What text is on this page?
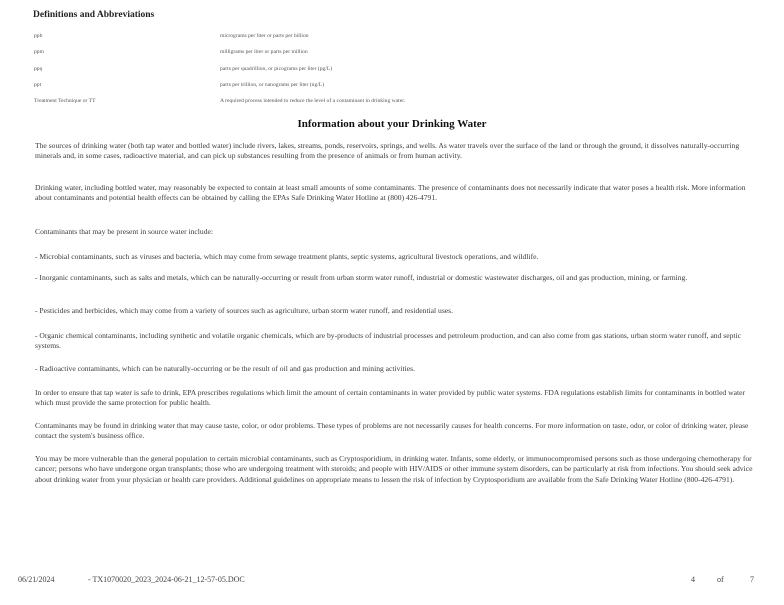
Definitions and Abbreviations
ppb	micrograms per liter or parts per billion
ppm	milligrams per liter or parts per million
ppq	parts per quadrillion, or picograms per liter (pg/L)
ppt	parts per trillion, or nanograms per liter (ng/L)
Treatment Technique or TT	A required process intended to reduce the level of a contaminant in drinking water.
Information about your Drinking Water

The sources of drinking water (both tap water and bottled water) include rivers, lakes, streams, ponds, reservoirs, springs, and wells. As water travels over the surface of the land or through the ground, it dissolves naturally-occurring minerals and, in some cases, radioactive material, and can pick up substances resulting from the presence of animals or from human activity.

Drinking water, including bottled water, may reasonably be expected to contain at least small amounts of some contaminants. The presence of contaminants does not necessarily indicate that water poses a health risk. More information about contaminants and potential health effects can be obtained by calling the EPAs Safe Drinking Water Hotline at (800) 426-4791.

Contaminants that may be present in source water include:

- Microbial contaminants, such as viruses and bacteria, which may come from sewage treatment plants, septic systems, agricultural livestock operations, and wildlife.

- Inorganic contaminants, such as salts and metals, which can be naturally-occurring or result from urban storm water runoff, industrial or domestic wastewater discharges, oil and gas production, mining, or farming.

- Pesticides and herbicides, which may come from a variety of sources such as agriculture, urban storm water runoff, and residential uses.

- Organic chemical contaminants, including synthetic and volatile organic chemicals, which are by-products of industrial processes and petroleum production, and can also come from gas stations, urban storm water runoff, and septic systems.

- Radioactive contaminants, which can be naturally-occurring or be the result of oil and gas production and mining activities.

In order to ensure that tap water is safe to drink, EPA prescribes regulations which limit the amount of certain contaminants in water provided by public water systems. FDA regulations establish limits for contaminants in bottled water which must provide the same protection for public health.

Contaminants may be found in drinking water that may cause taste, color, or odor problems. These types of problems are not necessarily causes for health concerns. For more information on taste, odor, or color of drinking water, please contact the system's business office.

You may be more vulnerable than the general population to certain microbial contaminants, such as Cryptosporidium, in drinking water. Infants, some elderly, or immunocompromised persons such as those undergoing chemotherapy for cancer; persons who have undergone organ transplants; those who are undergoing treatment with steroids; and people with HIV/AIDS or other immune system disorders, can be particularly at risk from infections. You should seek advice about drinking water from your physician or health care providers. Additional guidelines on appropriate means to lessen the risk of infection by Cryptosporidium are available from the Safe Drinking Water Hotline (800-426-4791).

06/21/2024	- TX1070020_2023_2024-06-21_12-57-05.DOC	4	of	7
